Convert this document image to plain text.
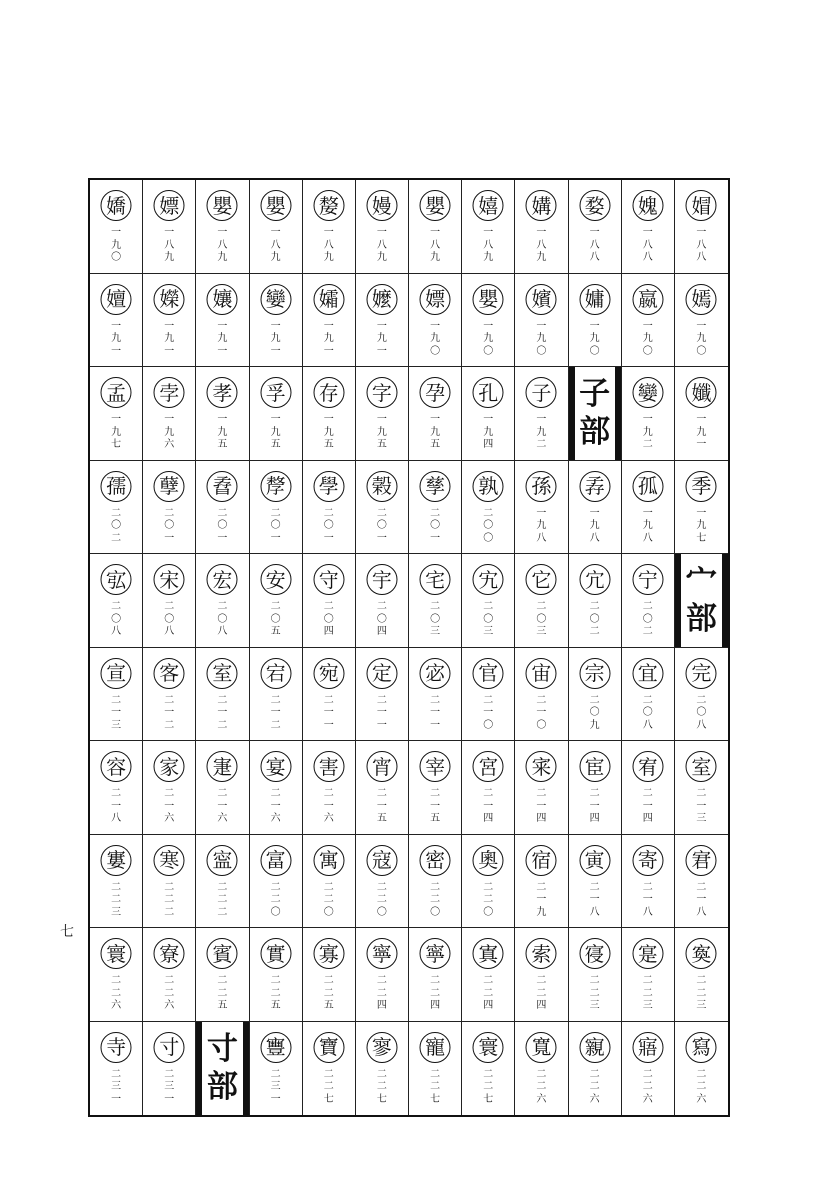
嬌
一
九
〇
嫖
一
八
九
嬰
一
八
九
嬰
一
八
九
嫠
一
八
九
嫚
一
八
九
嬰
一
八
九
嬉
一
八
九
媾
一
八
九
婺
一
八
八
媿
一
八
八
媢
一
八
八
嬗
一
九
一
嬫
一
九
一
孃
一
九
一
孌
一
九
一
孀
一
九
一
嬤
一
九
一
嫖
一
九
〇
嬰
一
九
〇
嬪
一
九
〇
嫞
一
九
〇
嬴
一
九
〇
嫣
一
九
〇
孟
一
九
七
孛
一
九
六
孝
一
九
五
孚
一
九
五
存
一
九
五
字
一
九
五
孕
一
九
五
孔
一
九
四
子
一
九
二
子
部
孌
一
九
二
孅
一
九
一
孺
二
〇
二
孽
二
〇
一
孴
二
〇
一
孷
二
〇
一
學
二
〇
一
榖
二
〇
一
孳
二
〇
一
孰
二
〇
〇
孫
一
九
八
孨
一
九
八
孤
一
九
八
季
一
九
七
宖
二
〇
八
宋
二
〇
八
宏
二
〇
八
安
二
〇
五
守
二
〇
四
宇
二
〇
四
宅
二
〇
三
宄
二
〇
三
它
二
〇
三
宂
二
〇
二
宁
二
〇
二
宀
部
宣
二
一
三
客
二
一
二
室
二
一
二
宕
二
一
二
宛
二
一
一
定
二
一
一
宓
二
一
一
官
二
一
〇
宙
二
一
〇
宗
二
〇
九
宜
二
〇
八
完
二
〇
八
容
二
一
八
家
二
一
六
寁
二
一
六
宴
二
一
六
害
二
一
六
宵
二
一
五
宰
二
一
五
宮
二
一
四
宷
二
一
四
宦
二
一
四
宥
二
一
四
室
二
一
三
寠
二
二
三
寒
二
二
二
寍
二
二
二
富
二
二
〇
寓
二
二
〇
寇
二
二
〇
密
二
二
〇
奧
二
二
〇
宿
二
一
九
寅
二
一
八
寄
二
一
八
宭
二
一
八
寰
二
二
六
寮
二
二
六
賓
二
二
五
實
二
二
五
寡
二
二
五
寧
二
二
四
寧
二
二
四
寘
二
二
四
索
二
二
四
寑
二
二
三
寔
二
二
三
寏
二
二
三
寺
二
三
一
寸
二
三
一
寸
部
寷
二
三
一
寶
二
二
七
寥
二
二
七
寵
二
二
七
寰
二
二
七
寬
二
二
六
寴
二
二
六
寤
二
二
六
寫
二
二
六
七
